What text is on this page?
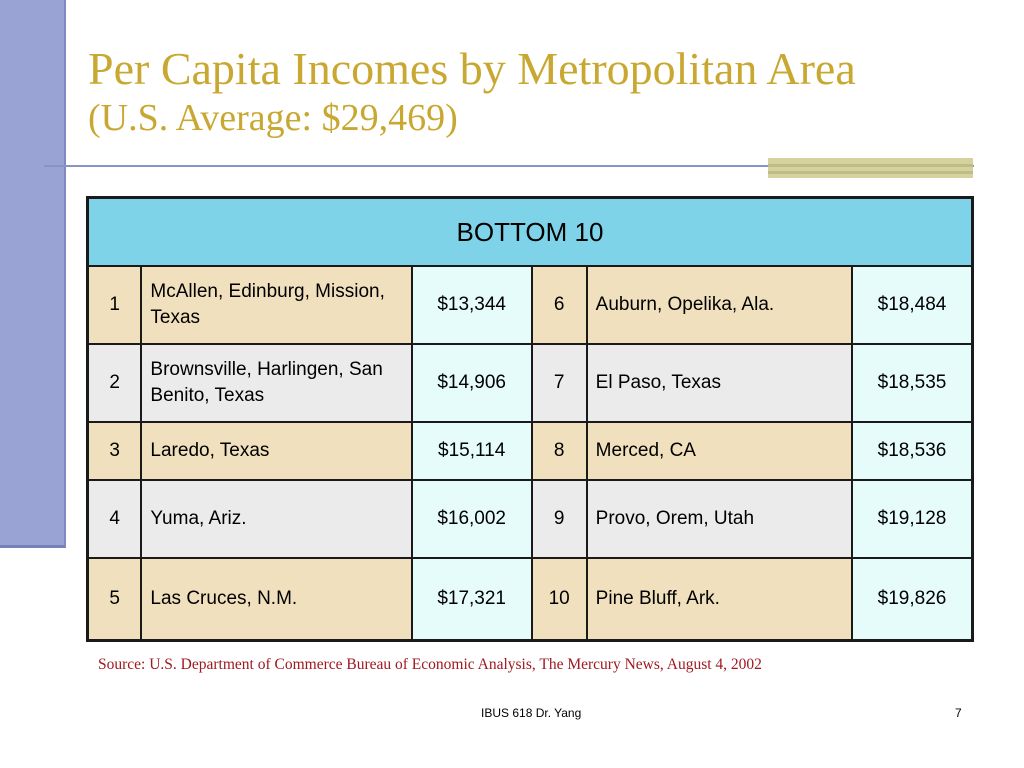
Per Capita Incomes by Metropolitan Area
(U.S. Average: $29,469)
BOTTOM 10					
1	McAllen, Edinburg, Mission, Texas	$13,344	6	Auburn, Opelika, Ala.	$18,484
2	Brownsville, Harlingen, San Benito, Texas	$14,906	7	El Paso, Texas	$18,535
3	Laredo, Texas	$15,114	8	Merced, CA	$18,536
4	Yuma, Ariz.	$16,002	9	Provo, Orem, Utah	$19,128
5	Las Cruces, N.M.	$17,321	10	Pine Bluff, Ark.	$19,826
Source: U.S. Department of Commerce Bureau of Economic Analysis, The Mercury News, August 4, 2002
IBUS 618 Dr. Yang	7
